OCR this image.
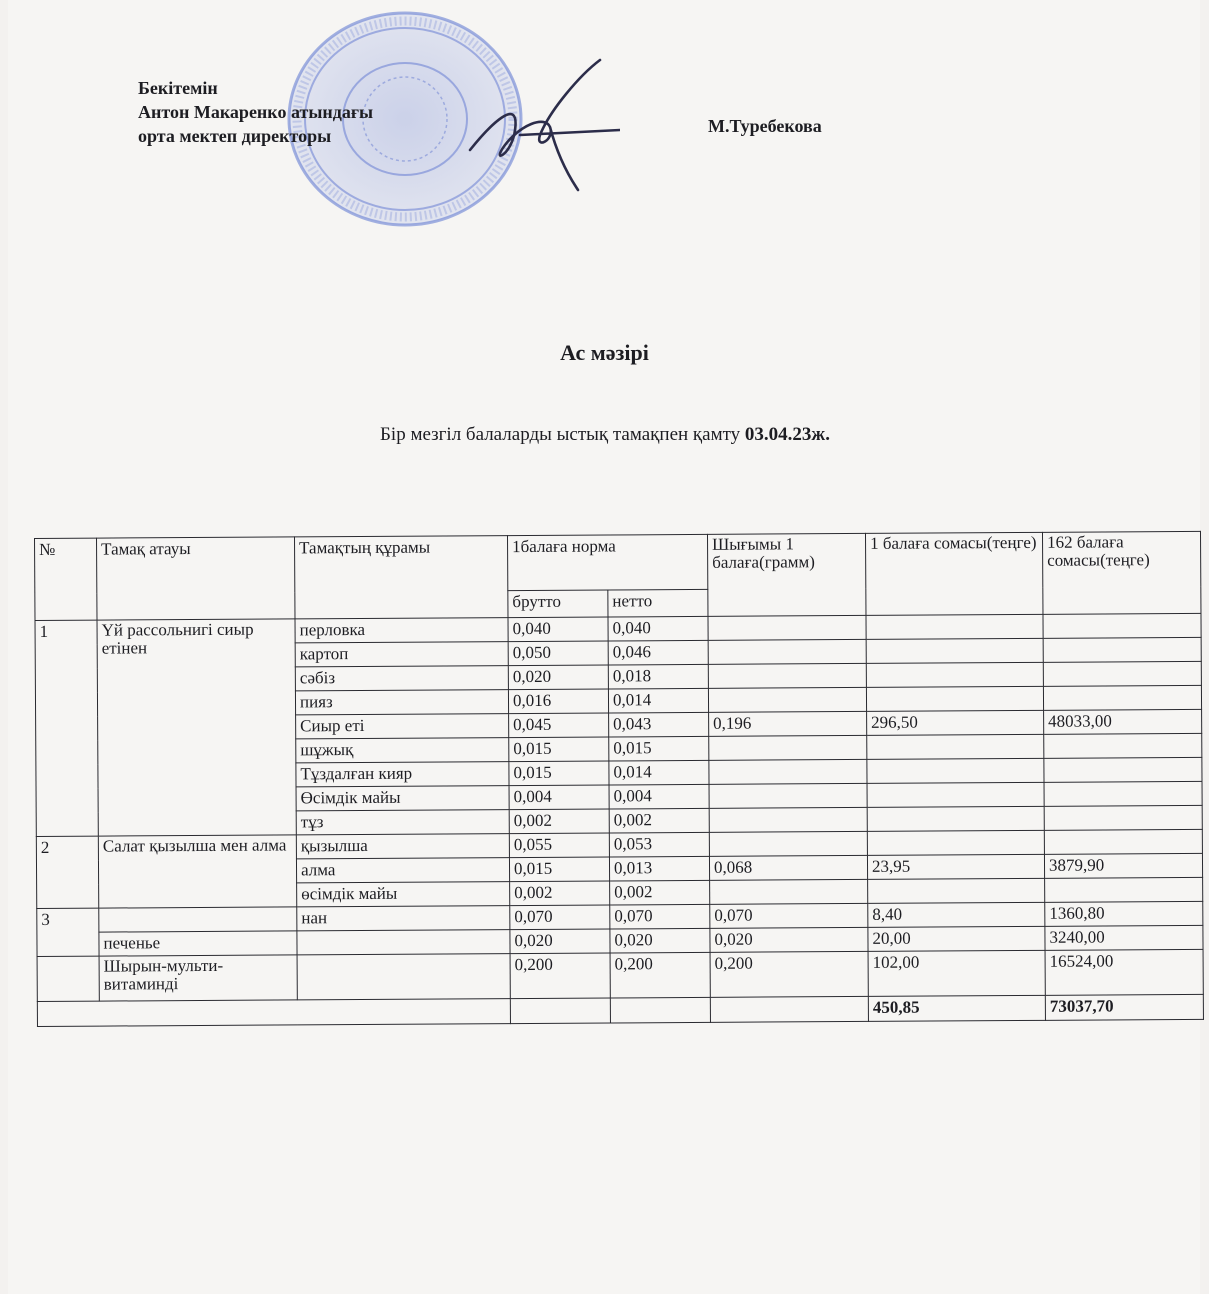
Бекітемін
Антон Макаренко атындағы
орта мектеп директоры	М.Туребекова
Ас мәзірі
Бір мезгіл балаларды ыстық тамақпен қамту 03.04.23ж.
№	Тамақ атауы	Тамақтың құрамы	1балаға норма		Шығымы 1 балаға(грамм)	1 балаға сомасы(теңге)	162 балаға сомасы(теңге)
			брутто	нетто			
1	Үй рассольнигі сиыр етінен	перловка	0,040	0,040			
		картоп	0,050	0,046			
		сәбіз	0,020	0,018			
		пияз	0,016	0,014			
		Сиыр еті	0,045	0,043	0,196	296,50	48033,00
		шұжық	0,015	0,015			
		Тұздалған кияр	0,015	0,014			
		Өсімдік майы	0,004	0,004			
		тұз	0,002	0,002			
2	Салат қызылша мен алма	қызылша	0,055	0,053			
		алма	0,015	0,013	0,068	23,95	3879,90
		өсімдік майы	0,002	0,002			
3		нан	0,070	0,070	0,070	8,40	1360,80
	печенье		0,020	0,020	0,020	20,00	3240,00
	Шырын-мульти-витаминді		0,200	0,200	0,200	102,00	16524,00
						450,85	73037,70
